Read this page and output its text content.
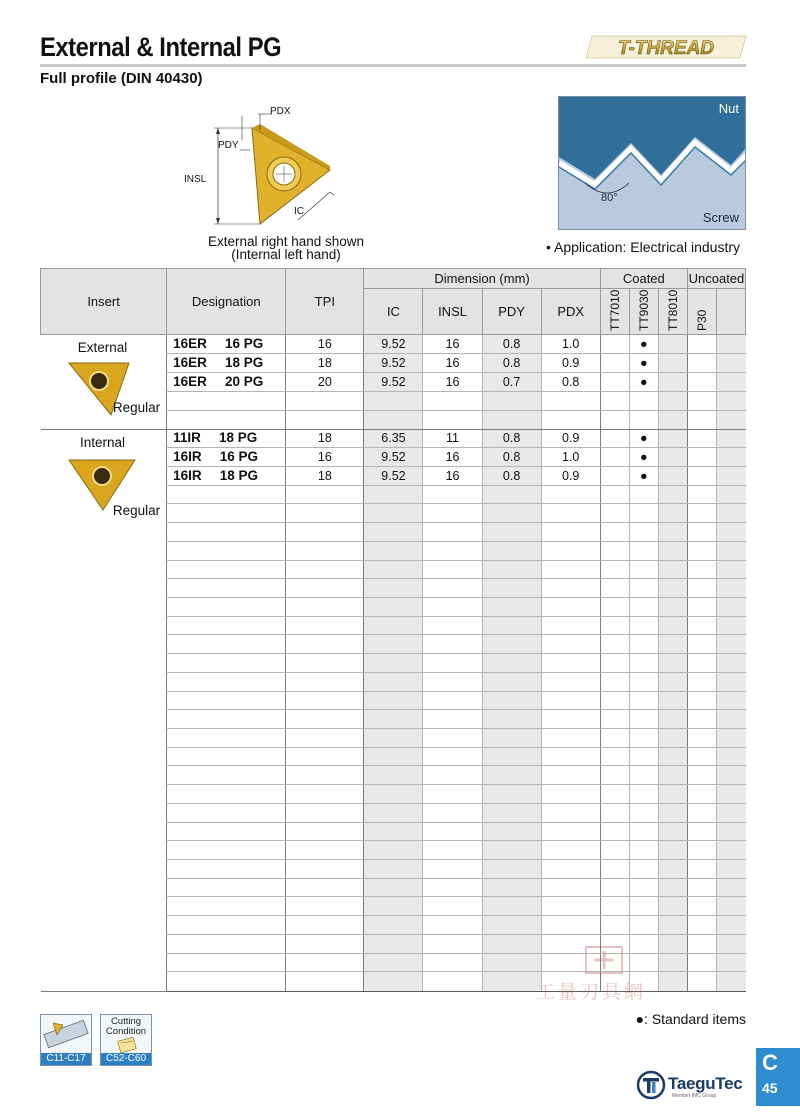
External & Internal PG
Full profile (DIN 40430)
T-THREAD
PDX
PDY
INSL
IC
External right hand shown
(Internal left hand)
Nut
80°
Screw
• Application: Electrical industry
Insert	Designation	TPI	Dimension (mm)				Coated			Uncoated	
			IC	INSL	PDY	PDX	TT7010	TT9030	TT8010	P30	

External
Regular	16ER 16 PG	16	9.52	16	0.8	1.0		●			
	16ER 18 PG	18	9.52	16	0.8	0.9		●			
	16ER 20 PG	20	9.52	16	0.7	0.8		●			

Internal
Regular	11IR 18 PG	18	6.35	11	0.8	0.9		●			
	16IR 16 PG	16	9.52	16	0.8	1.0		●			
	16IR 18 PG	18	9.52	16	0.8	0.9		●			

工量刃具網
●: Standard items
C11-C17
Cutting Condition
C52-C60
TaeguTec
Member IMC Group
C
45
